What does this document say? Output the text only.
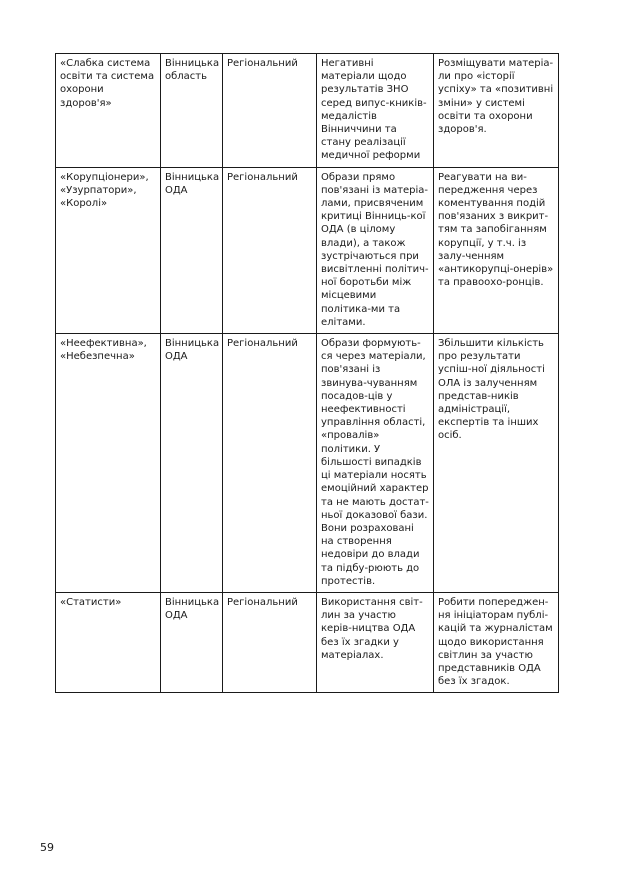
«Слабка система освіти та система охорони здоров'я»	Вінницька область	Регіональний	Негативні матеріали щодо результатів ЗНО серед випус-кників-медалістів Вінниччини та стану реалізації медичної реформи	Розміщувати матеріа-ли про «історії успіху» та «позитивні зміни» у системі освіти та охорони здоров'я.
«Корупціонери», «Узурпатори», «Королі»	Вінницька ОДА	Регіональний	Образи прямо пов'язані із матеріа-лами, присвяченим критиці Вінниць-кої ОДА (в цілому влади), а також зустрічаються при висвітленні політич-ної боротьби між місцевими політика-ми та елітами.	Реагувати на ви-передження через коментування подій пов'язаних з викрит-тям та запобіганням корупції, у т.ч. із залу-ченням «антикорупці-онерів» та правоохо-ронців.
«Неефективна», «Небезпечна»	Вінницька ОДА	Регіональний	Образи формують-ся через матеріали, пов'язані із звинува-чуванням посадов-ців у неефективності управління області, «провалів» політики. У більшості випадків ці матеріали носять емоційний характер та не мають достат-ньої доказової бази. Вони розраховані на створення недовіри до влади та підбу-рюють до протестів.	Збільшити кількість про результати успіш-ної діяльності ОЛА із залученням представ-ників адміністрації, експертів та інших осіб.
«Статисти»	Вінницька ОДА	Регіональний	Використання світ-лин за участю керів-ництва ОДА без їх згадки у матеріалах.	Робити попереджен-ня ініціаторам публі-кацій та журналістам щодо використання світлин за участю представників ОДА без їх згадок.
59
